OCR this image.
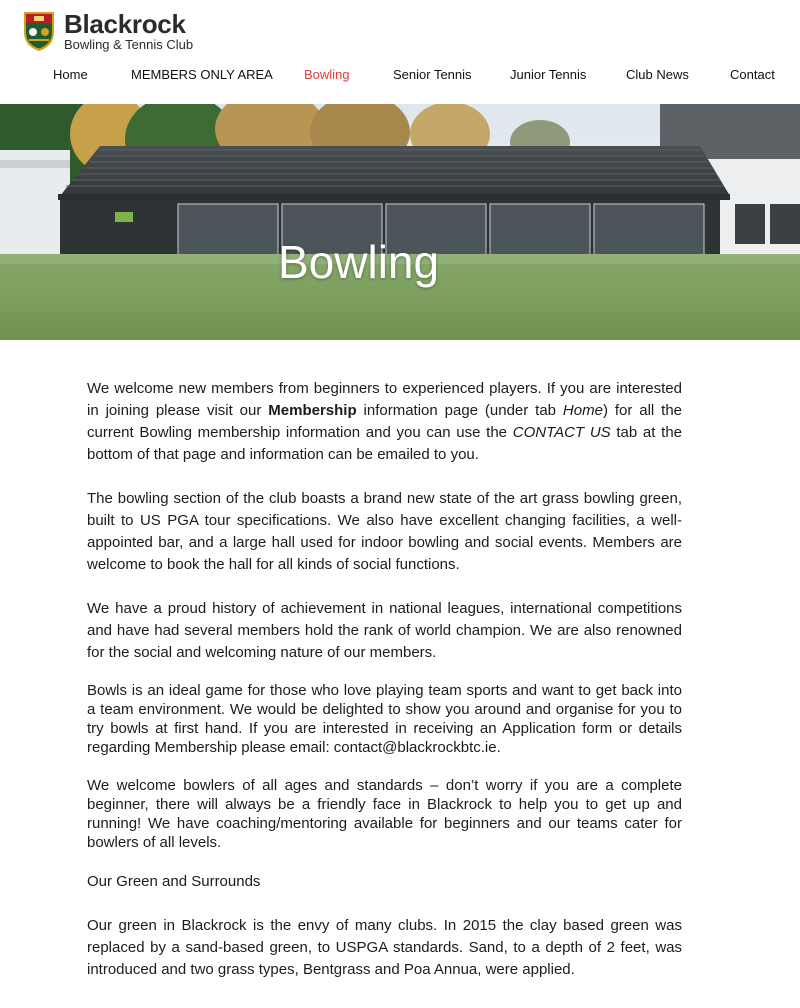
Blackrock
Bowling & Tennis Club
Home	MEMBERS ONLY AREA Bowling	Senior Tennis	Junior Tennis	Club News	Contact
Bowling

We welcome new members from beginners to experienced players. If you are interested in joining please visit our Membership information page (under tab Home) for all the current Bowling membership information and you can use the CONTACT US tab at the bottom of that page and information can be emailed to you.

The bowling section of the club boasts a brand new state of the art grass bowling green, built to US PGA tour specifications. We also have excellent changing facilities, a well-appointed bar, and a large hall used for indoor bowling and social events. Members are welcome to book the hall for all kinds of social functions.

We have a proud history of achievement in national leagues, international competitions and have had several members hold the rank of world champion. We are also renowned for the social and welcoming nature of our members.

Bowls is an ideal game for those who love playing team sports and want to get back into a team environment. We would be delighted to show you around and organise for you to try bowls at first hand. If you are interested in receiving an Application form or details regarding Membership please email: contact@blackrockbtc.ie.

We welcome bowlers of all ages and standards – don’t worry if you are a complete beginner, there will always be a friendly face in Blackrock to help you to get up and running! We have coaching/mentoring available for beginners and our teams cater for bowlers of all levels.

Our Green and Surrounds

Our green in Blackrock is the envy of many clubs. In 2015 the clay based green was replaced by a sand-based green, to USPGA standards. Sand, to a depth of 2 feet, was introduced and two grass types, Bentgrass and Poa Annua, were applied.
